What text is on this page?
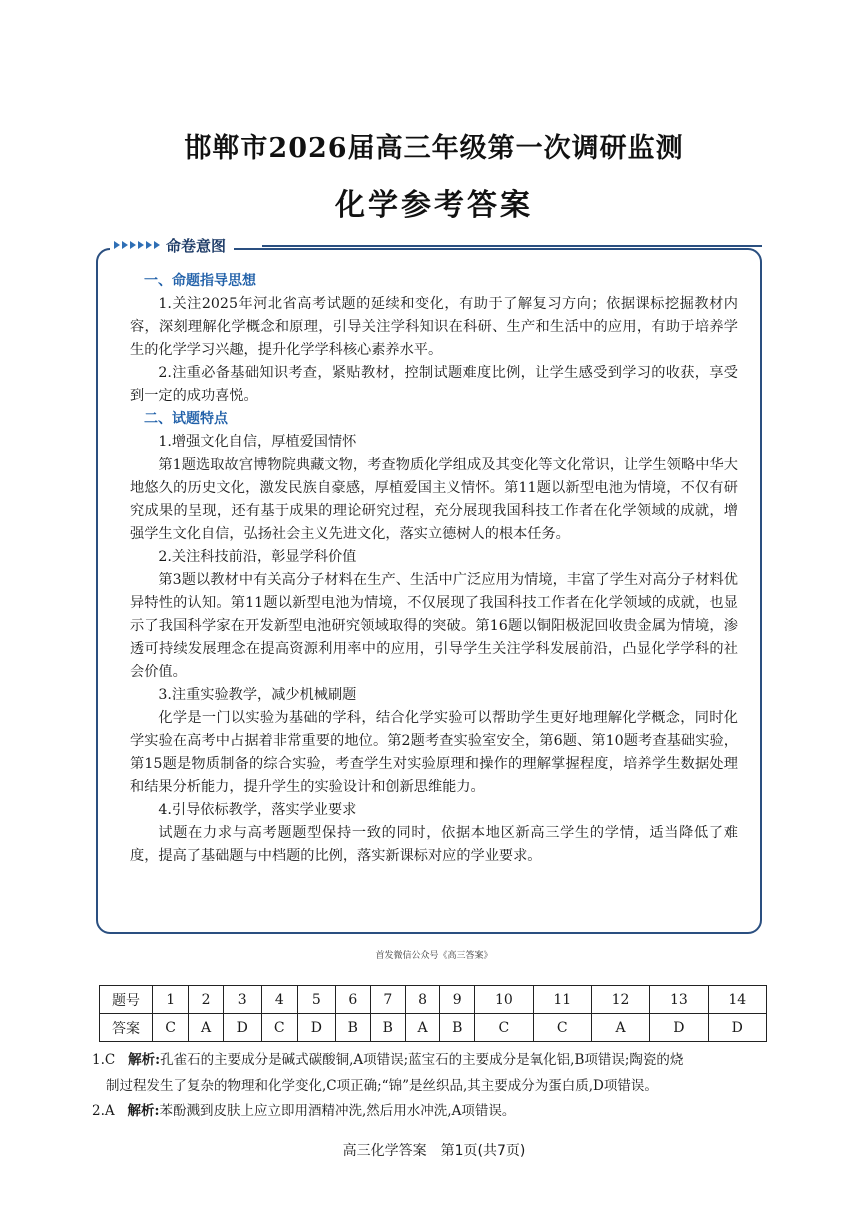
邯郸市2026届高三年级第一次调研监测
化学参考答案
命卷意图

一、命题指导思想

1.关注2025年河北省高考试题的延续和变化，有助于了解复习方向；依据课标挖掘教材内容，深刻理解化学概念和原理，引导关注学科知识在科研、生产和生活中的应用，有助于培养学生的化学学习兴趣，提升化学学科核心素养水平。

2.注重必备基础知识考查，紧贴教材，控制试题难度比例，让学生感受到学习的收获，享受到一定的成功喜悦。

二、试题特点

1.增强文化自信，厚植爱国情怀

第1题选取故宫博物院典藏文物，考查物质化学组成及其变化等文化常识，让学生领略中华大地悠久的历史文化，激发民族自豪感，厚植爱国主义情怀。第11题以新型电池为情境，不仅有研究成果的呈现，还有基于成果的理论研究过程，充分展现我国科技工作者在化学领域的成就，增强学生文化自信，弘扬社会主义先进文化，落实立德树人的根本任务。

2.关注科技前沿，彰显学科价值

第3题以教材中有关高分子材料在生产、生活中广泛应用为情境，丰富了学生对高分子材料优异特性的认知。第11题以新型电池为情境，不仅展现了我国科技工作者在化学领域的成就，也显示了我国科学家在开发新型电池研究领域取得的突破。第16题以铜阳极泥回收贵金属为情境，渗透可持续发展理念在提高资源利用率中的应用，引导学生关注学科发展前沿，凸显化学学科的社会价值。

3.注重实验教学，减少机械刷题

化学是一门以实验为基础的学科，结合化学实验可以帮助学生更好地理解化学概念，同时化学实验在高考中占据着非常重要的地位。第2题考查实验室安全，第6题、第10题考查基础实验，第15题是物质制备的综合实验，考查学生对实验原理和操作的理解掌握程度，培养学生数据处理和结果分析能力，提升学生的实验设计和创新思维能力。

4.引导依标教学，落实学业要求

试题在力求与高考题题型保持一致的同时，依据本地区新高三学生的学情，适当降低了难度，提高了基础题与中档题的比例，落实新课标对应的学业要求。

首发微信公众号《高三答案》
题号	1	2	3	4	5	6	7	8	9	10	11	12	13	14
答案	C	A	D	C	D	B	B	A	B	C	C	A	D	D
1.C 解析:孔雀石的主要成分是碱式碳酸铜,A项错误;蓝宝石的主要成分是氧化铝,B项错误;陶瓷的烧
制过程发生了复杂的物理和化学变化,C项正确;“锦”是丝织品,其主要成分为蛋白质,D项错误。
2.A 解析:苯酚溅到皮肤上应立即用酒精冲洗,然后用水冲洗,A项错误。
高三化学答案　第1页(共7页)
